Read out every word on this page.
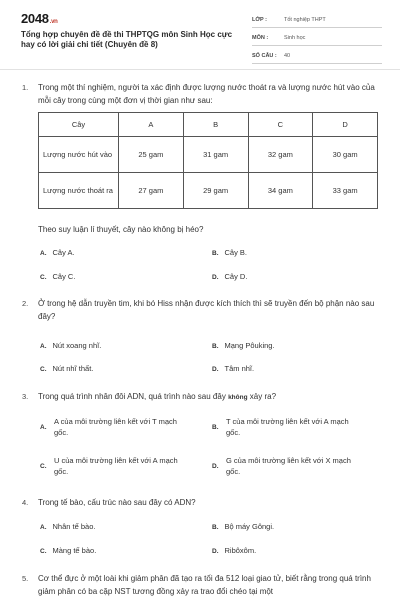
2048.vn
Tổng hợp chuyên đề đề thi THPTQG môn Sinh Học cực hay có lời giải chi tiết (Chuyên đề 8)
LỚP :	Tốt nghiệp THPT
MÔN :	Sinh học
SỐ CÂU : 40
1.	Trong một thí nghiệm, người ta xác định được lượng nước thoát ra và lượng nước hút vào của mỗi cây trong cùng một đơn vị thời gian như sau:
Cây	A	B	C	D
Lượng nước hút vào	25 gam	31 gam	32 gam	30 gam
Lượng nước thoát ra	27 gam	29 gam	34 gam	33 gam
Theo suy luận lí thuyết, cây nào không bị héo?
A. Cây A.	B. Cây B.
C. Cây C.	D. Cây D.
2.	Ở trong hệ dẫn truyền tim, khi bó Hiss nhận được kích thích thì sẽ truyền đến bộ phận nào sau đây?
A. Nút xoang nhĩ.	B. Mạng Pôuking.
C. Nút nhĩ thất.	D. Tâm nhĩ.
3.	Trong quá trình nhân đôi ADN, quá trình nào sau đây không xảy ra?
A.
A của môi trường liên kết với T mạch gốc.
B.
T của môi trường liên kết với A mạch gốc.
C.
U của môi trường liên kết với A mạch gốc.
D.
G của môi trường liên kết với X mạch gốc.
4.	Trong tế bào, cấu trúc nào sau đây có ADN?
A. Nhân tế bào.	B. Bộ máy Gôngi.
C. Màng tế bào.	D. Ribôxôm.
5.	Cơ thể đực ở một loài khi giảm phân đã tạo ra tối đa 512 loại giao tử, biết rằng trong quá trình giảm phân có ba cặp NST tương đồng xảy ra trao đổi chéo tại một
